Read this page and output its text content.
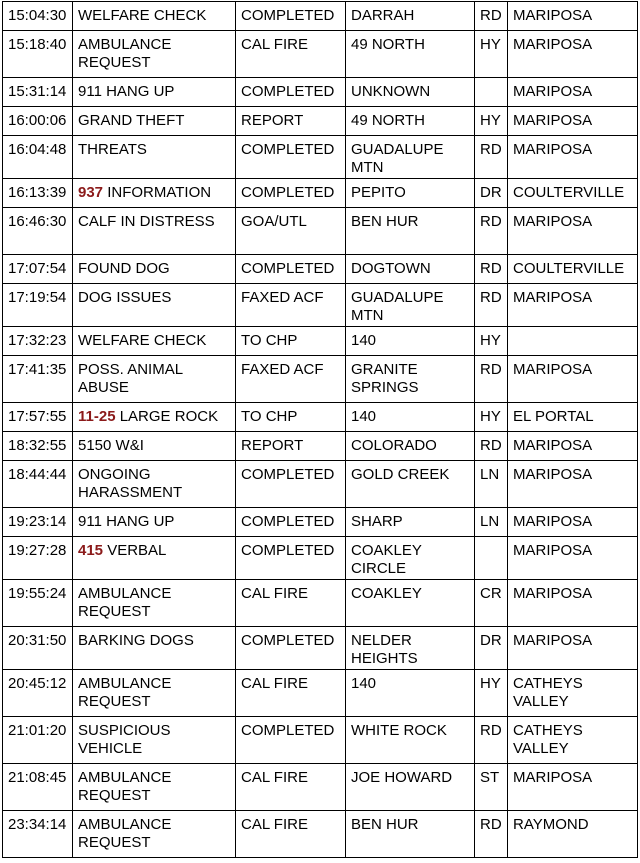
15:04:30	WELFARE CHECK	COMPLETED	DARRAH	RD	MARIPOSA
15:18:40	AMBULANCE REQUEST	CAL FIRE	49 NORTH	HY	MARIPOSA
15:31:14	911 HANG UP	COMPLETED	UNKNOWN		MARIPOSA
16:00:06	GRAND THEFT	REPORT	49 NORTH	HY	MARIPOSA
16:04:48	THREATS	COMPLETED	GUADALUPE MTN	RD	MARIPOSA
16:13:39	937 INFORMATION	COMPLETED	PEPITO	DR	COULTERVILLE
16:46:30	CALF IN DISTRESS	GOA/UTL	BEN HUR	RD	MARIPOSA
17:07:54	FOUND DOG	COMPLETED	DOGTOWN	RD	COULTERVILLE
17:19:54	DOG ISSUES	FAXED ACF	GUADALUPE MTN	RD	MARIPOSA
17:32:23	WELFARE CHECK	TO CHP	140	HY	
17:41:35	POSS. ANIMAL ABUSE	FAXED ACF	GRANITE SPRINGS	RD	MARIPOSA
17:57:55	11-25 LARGE ROCK	TO CHP	140	HY	EL PORTAL
18:32:55	5150 W&I	REPORT	COLORADO	RD	MARIPOSA
18:44:44	ONGOING HARASSMENT	COMPLETED	GOLD CREEK	LN	MARIPOSA
19:23:14	911 HANG UP	COMPLETED	SHARP	LN	MARIPOSA
19:27:28	415 VERBAL	COMPLETED	COAKLEY CIRCLE		MARIPOSA
19:55:24	AMBULANCE REQUEST	CAL FIRE	COAKLEY	CR	MARIPOSA
20:31:50	BARKING DOGS	COMPLETED	NELDER HEIGHTS	DR	MARIPOSA
20:45:12	AMBULANCE REQUEST	CAL FIRE	140	HY	CATHEYS VALLEY
21:01:20	SUSPICIOUS VEHICLE	COMPLETED	WHITE ROCK	RD	CATHEYS VALLEY
21:08:45	AMBULANCE REQUEST	CAL FIRE	JOE HOWARD	ST	MARIPOSA
23:34:14	AMBULANCE REQUEST	CAL FIRE	BEN HUR	RD	RAYMOND
